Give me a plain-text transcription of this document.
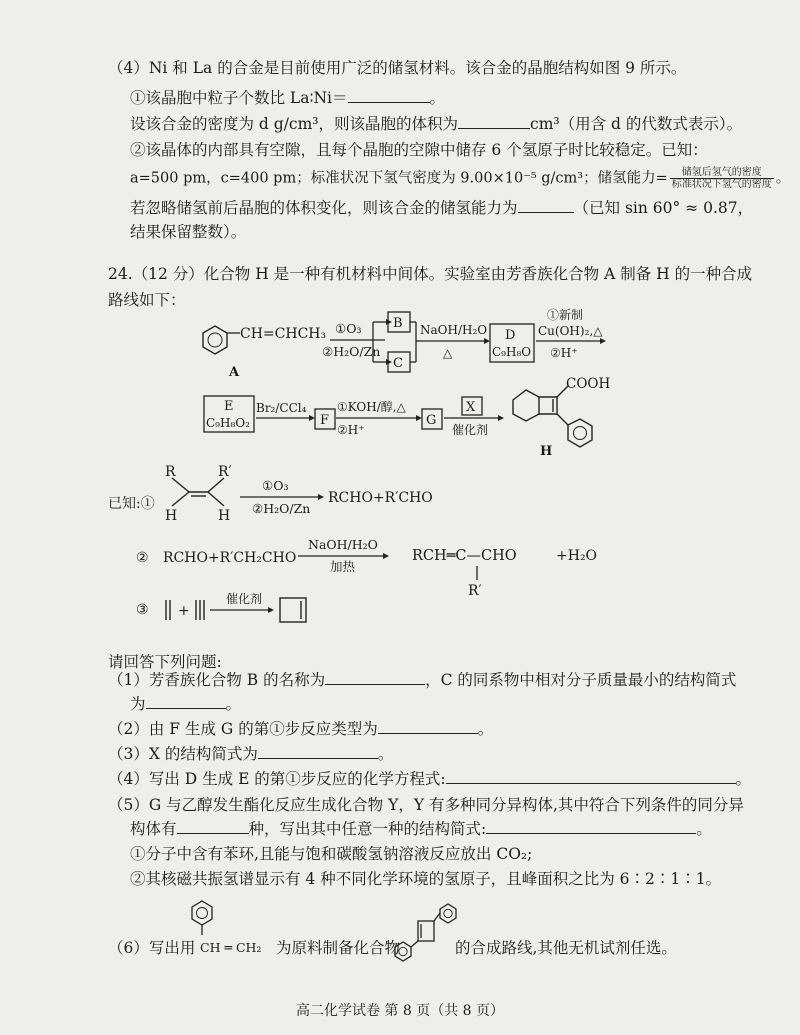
（4）Ni 和 La 的合金是目前使用广泛的储氢材料。该合金的晶胞结构如图 9 所示。
①该晶胞中粒子个数比 La∶Ni＝	。
设该合金的密度为 d g/cm³，则该晶胞的体积为	cm³（用含 d 的代数式表示）。
②该晶体的内部具有空隙，且每个晶胞的空隙中储存 6 个氢原子时比较稳定。已知：
a=500 pm，c=400 pm；标准状况下氢气密度为 9.00×10⁻⁵ g/cm³；储氢能力= $\frac{\text{储氢后氢气的密度}}{\text{标准状况下氢气的密度}}$ 。
若忽略储氢前后晶胞的体积变化，则该合金的储氢能力为	（已知 sin 60° ≈ 0.87，
结果保留整数）。
24.（12 分）化合物 H 是一种有机材料中间体。实验室由芳香族化合物 A 制备 H 的一种合成
路线如下：
CH=CHCH₃
A
①O₃
②H₂O/Zn
B
C
NaOH/H₂O
△
D
C₉H₈O
①新制
Cu(OH)₂,△
②H⁺
E
C₉H₈O₂
Br₂/CCl₄
F
①KOH/醇,△
②H⁺
G
X
催化剂
COOH
H
R	R′
H	H
①O₃
②H₂O/Zn
RCHO+R′CHO
② RCHO+R′CH₂CHO
NaOH/H₂O
加热
RCH═C—CHO
R′
+H₂O
③ +
催化剂
已知:①
请回答下列问题:
（1）芳香族化合物 B 的名称为	，C 的同系物中相对分子质量最小的结构简式
为	。
（2）由 F 生成 G 的第①步反应类型为	。
（3）X 的结构简式为	。
（4）写出 D 生成 E 的第①步反应的化学方程式:	。
（5）G 与乙醇发生酯化反应生成化合物 Y，Y 有多种同分异构体,其中符合下列条件的同分异
构体有	种，写出其中任意一种的结构简式:	。
①分子中含有苯环,且能与饱和碳酸氢钠溶液反应放出 CO₂;
②其核磁共振氢谱显示有 4 种不同化学环境的氢原子，且峰面积之比为 6∶2∶1∶1。
（6）写出用 CH ═ CH₂ 为原料制备化合物	的合成路线,其他无机试剂任选。
高二化学试卷 第 8 页（共 8 页）
